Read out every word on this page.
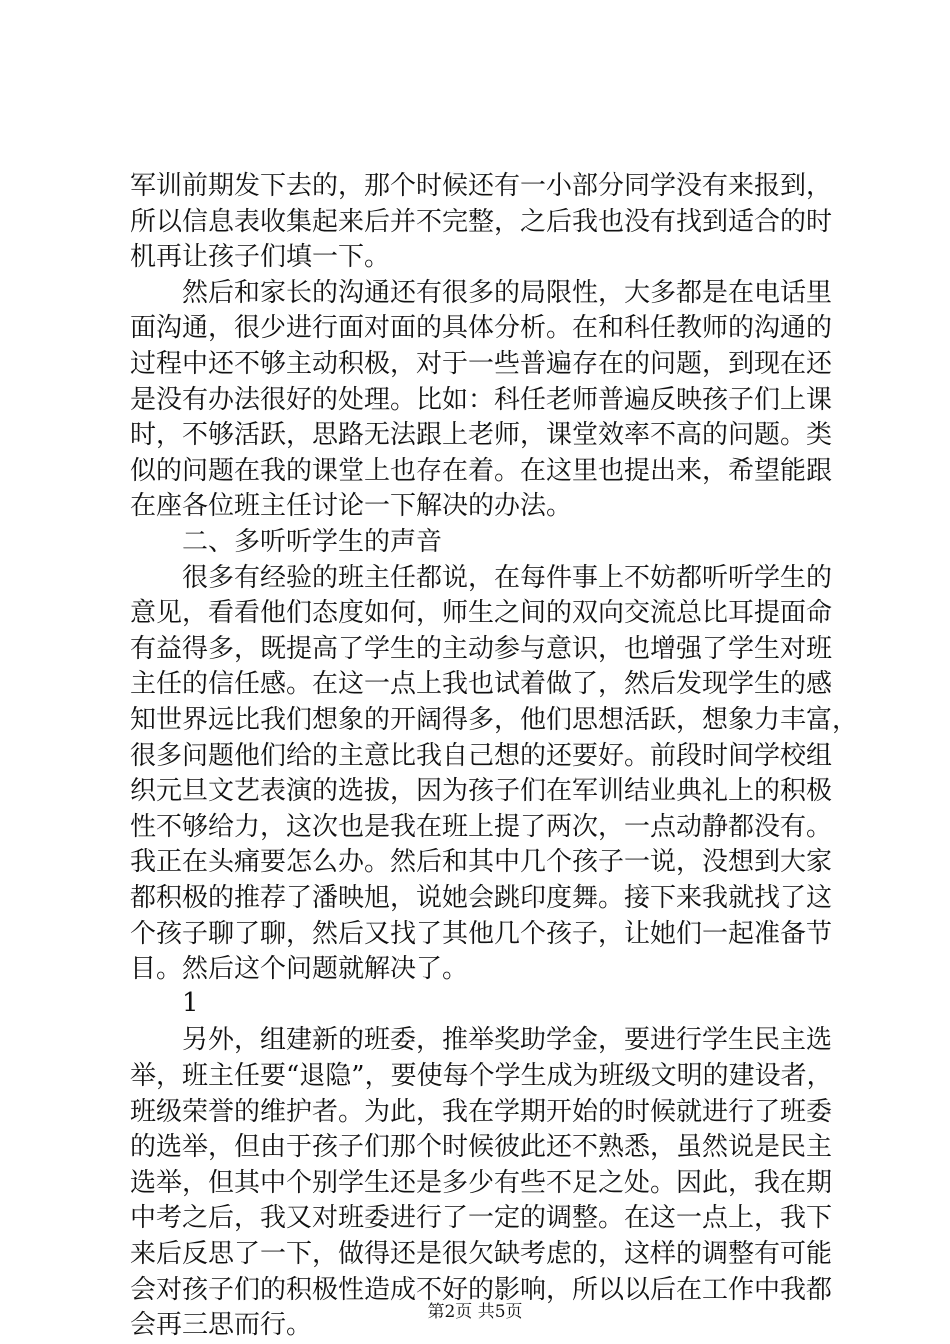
军训前期发下去的，那个时候还有一小部分同学没有来报到，
所以信息表收集起来后并不完整，之后我也没有找到适合的时
机再让孩子们填一下。
然后和家长的沟通还有很多的局限性，大多都是在电话里
面沟通，很少进行面对面的具体分析。在和科任教师的沟通的
过程中还不够主动积极，对于一些普遍存在的问题，到现在还
是没有办法很好的处理。比如：科任老师普遍反映孩子们上课
时，不够活跃，思路无法跟上老师，课堂效率不高的问题。类
似的问题在我的课堂上也存在着。在这里也提出来，希望能跟
在座各位班主任讨论一下解决的办法。
二、多听听学生的声音
很多有经验的班主任都说，在每件事上不妨都听听学生的
意见，看看他们态度如何，师生之间的双向交流总比耳提面命
有益得多，既提高了学生的主动参与意识，也增强了学生对班
主任的信任感。在这一点上我也试着做了，然后发现学生的感
知世界远比我们想象的开阔得多，他们思想活跃，想象力丰富，
很多问题他们给的主意比我自己想的还要好。前段时间学校组
织元旦文艺表演的选拔，因为孩子们在军训结业典礼上的积极
性不够给力，这次也是我在班上提了两次，一点动静都没有。
我正在头痛要怎么办。然后和其中几个孩子一说，没想到大家
都积极的推荐了潘映旭，说她会跳印度舞。接下来我就找了这
个孩子聊了聊，然后又找了其他几个孩子，让她们一起准备节
目。然后这个问题就解决了。
1
另外，组建新的班委，推举奖助学金，要进行学生民主选
举，班主任要“退隐”，要使每个学生成为班级文明的建设者，
班级荣誉的维护者。为此，我在学期开始的时候就进行了班委
的选举，但由于孩子们那个时候彼此还不熟悉，虽然说是民主
选举，但其中个别学生还是多少有些不足之处。因此，我在期
中考之后，我又对班委进行了一定的调整。在这一点上，我下
来后反思了一下，做得还是很欠缺考虑的，这样的调整有可能
会对孩子们的积极性造成不好的影响，所以以后在工作中我都
会再三思而行。	第2页 共5页
